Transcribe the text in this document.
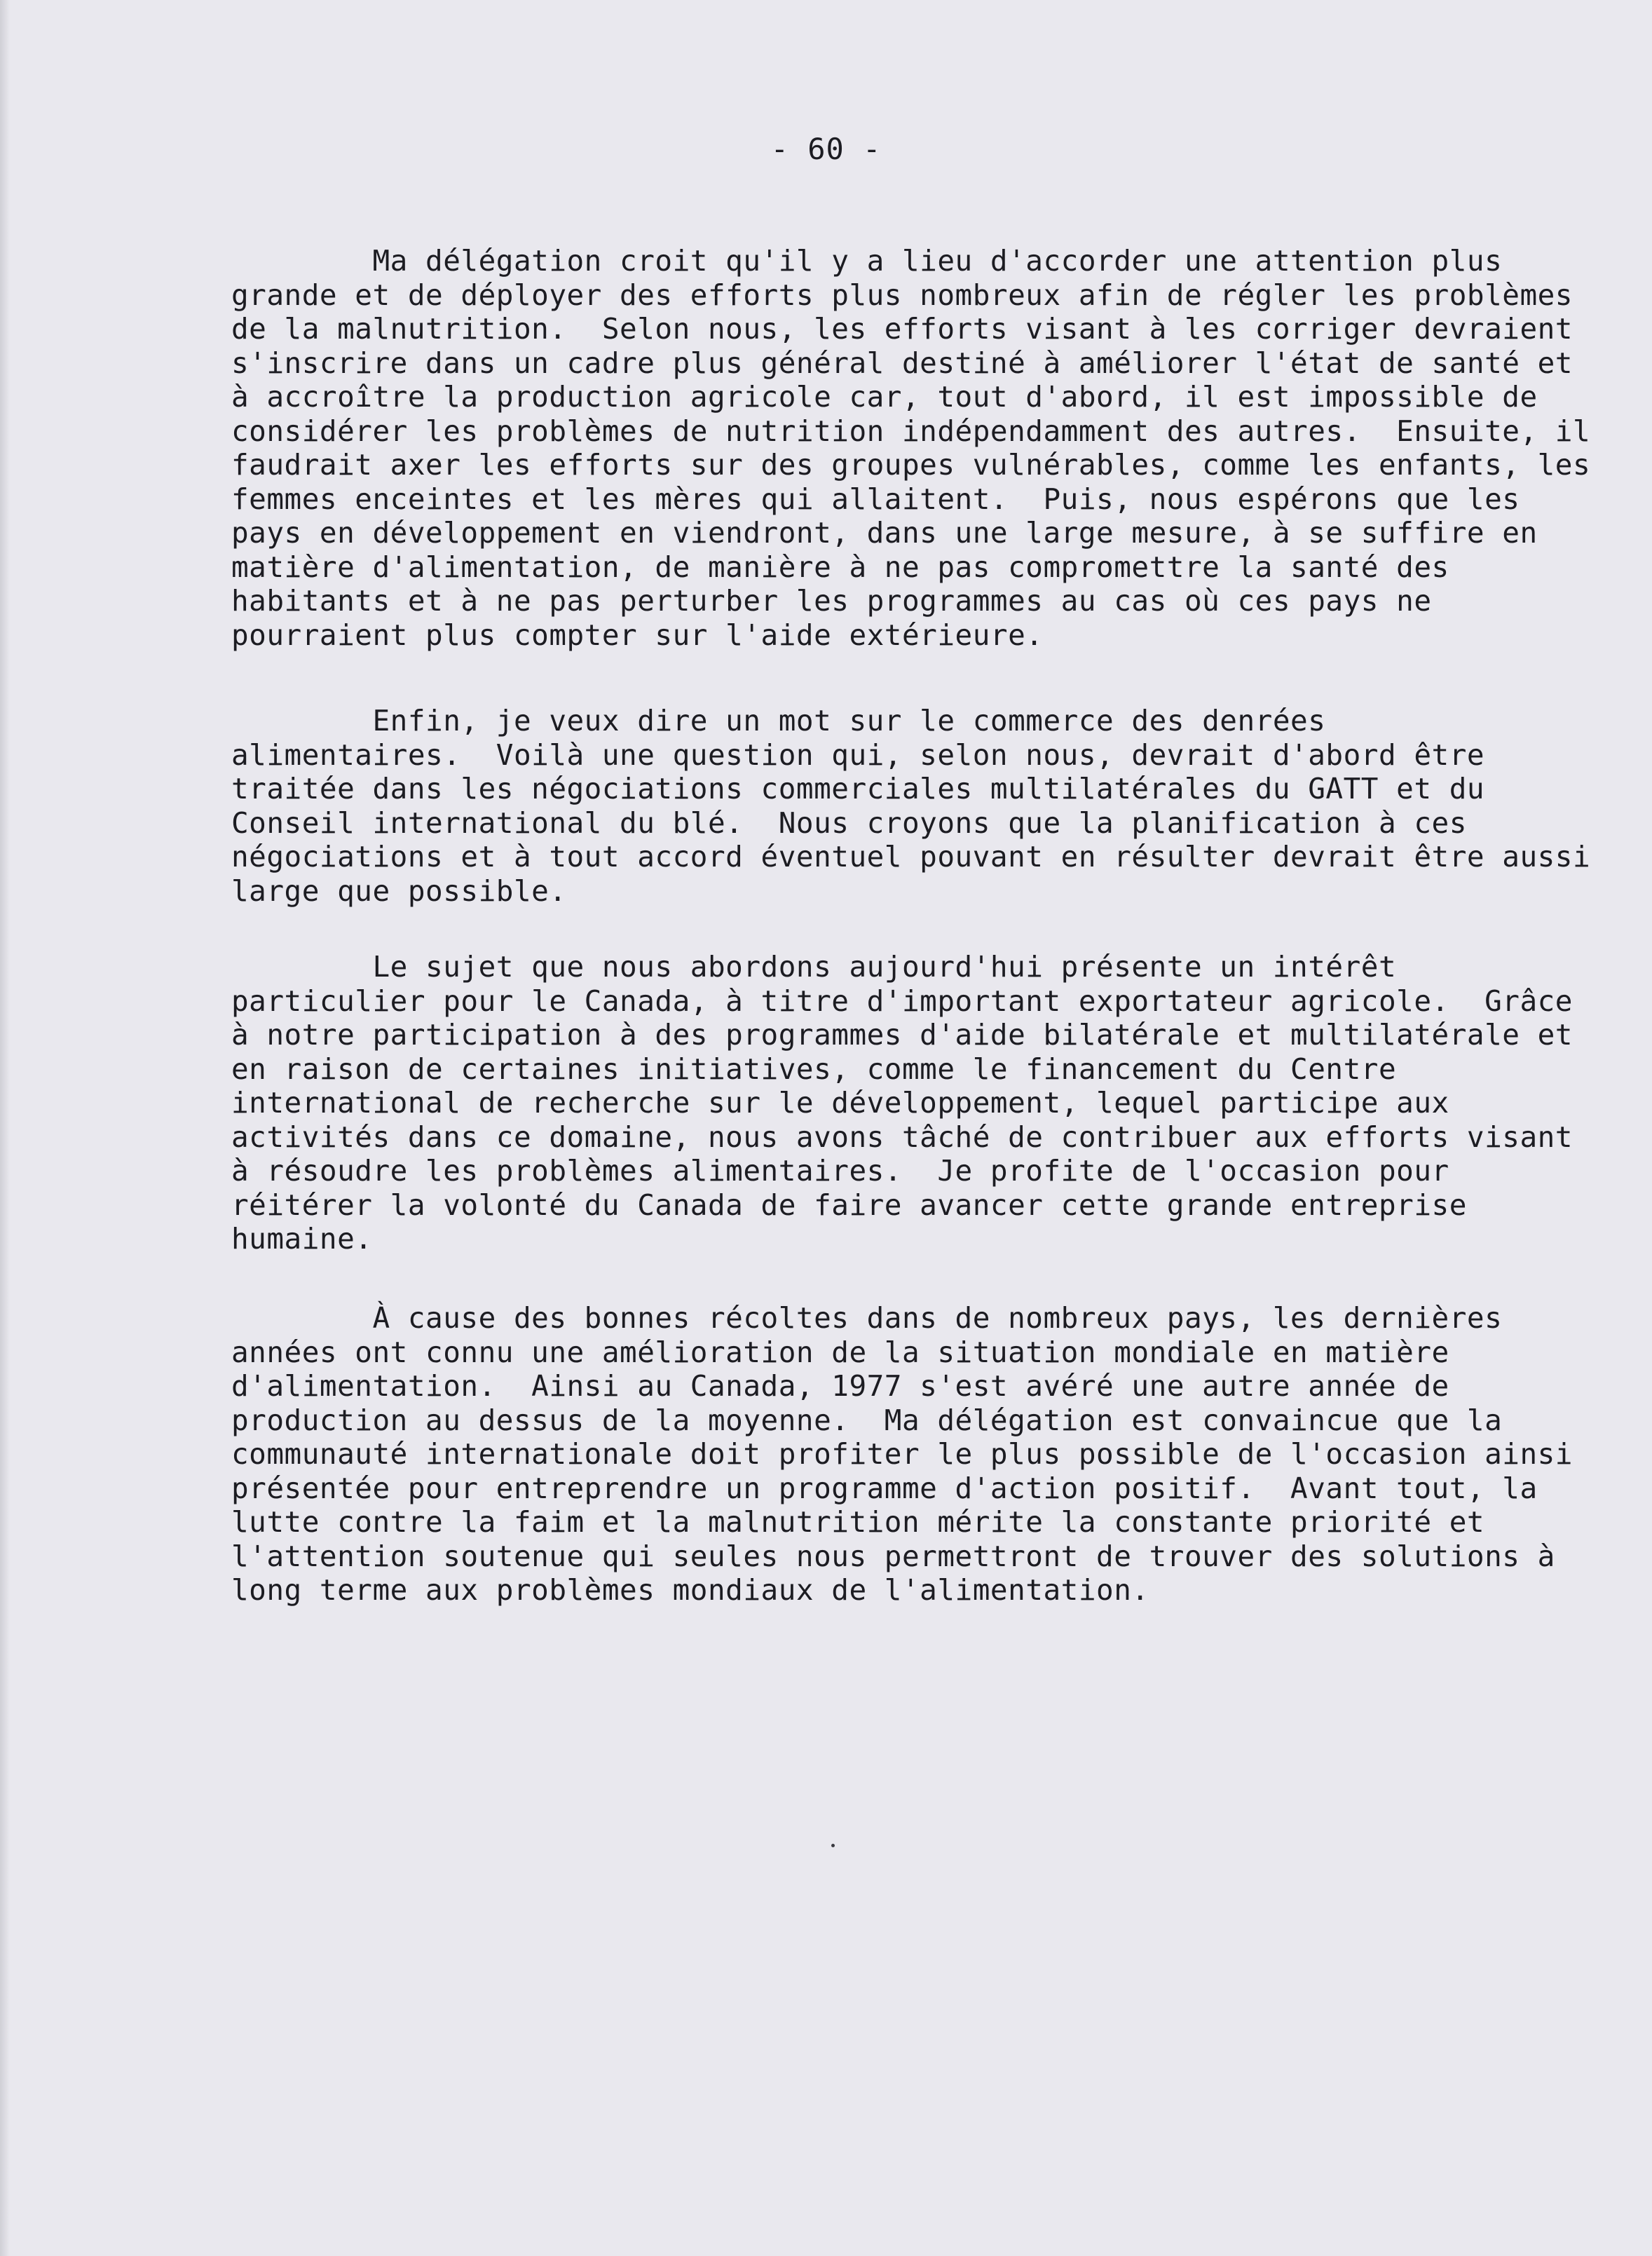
- 60 -
Ma délégation croit qu'il y a lieu d'accorder une attention plus
grande et de déployer des efforts plus nombreux afin de régler les problèmes
de la malnutrition.  Selon nous, les efforts visant à les corriger devraient
s'inscrire dans un cadre plus général destiné à améliorer l'état de santé et
à accroître la production agricole car, tout d'abord, il est impossible de
considérer les problèmes de nutrition indépendamment des autres.  Ensuite, il
faudrait axer les efforts sur des groupes vulnérables, comme les enfants, les
femmes enceintes et les mères qui allaitent.  Puis, nous espérons que les
pays en développement en viendront, dans une large mesure, à se suffire en
matière d'alimentation, de manière à ne pas compromettre la santé des
habitants et à ne pas perturber les programmes au cas où ces pays ne
pourraient plus compter sur l'aide extérieure.
Enfin, je veux dire un mot sur le commerce des denrées
alimentaires.  Voilà une question qui, selon nous, devrait d'abord être
traitée dans les négociations commerciales multilatérales du GATT et du
Conseil international du blé.  Nous croyons que la planification à ces
négociations et à tout accord éventuel pouvant en résulter devrait être aussi
large que possible.
Le sujet que nous abordons aujourd'hui présente un intérêt
particulier pour le Canada, à titre d'important exportateur agricole.  Grâce
à notre participation à des programmes d'aide bilatérale et multilatérale et
en raison de certaines initiatives, comme le financement du Centre
international de recherche sur le développement, lequel participe aux
activités dans ce domaine, nous avons tâché de contribuer aux efforts visant
à résoudre les problèmes alimentaires.  Je profite de l'occasion pour
réitérer la volonté du Canada de faire avancer cette grande entreprise
humaine.
À cause des bonnes récoltes dans de nombreux pays, les dernières
années ont connu une amélioration de la situation mondiale en matière
d'alimentation.  Ainsi au Canada, 1977 s'est avéré une autre année de
production au dessus de la moyenne.  Ma délégation est convaincue que la
communauté internationale doit profiter le plus possible de l'occasion ainsi
présentée pour entreprendre un programme d'action positif.  Avant tout, la
lutte contre la faim et la malnutrition mérite la constante priorité et
l'attention soutenue qui seules nous permettront de trouver des solutions à
long terme aux problèmes mondiaux de l'alimentation.
